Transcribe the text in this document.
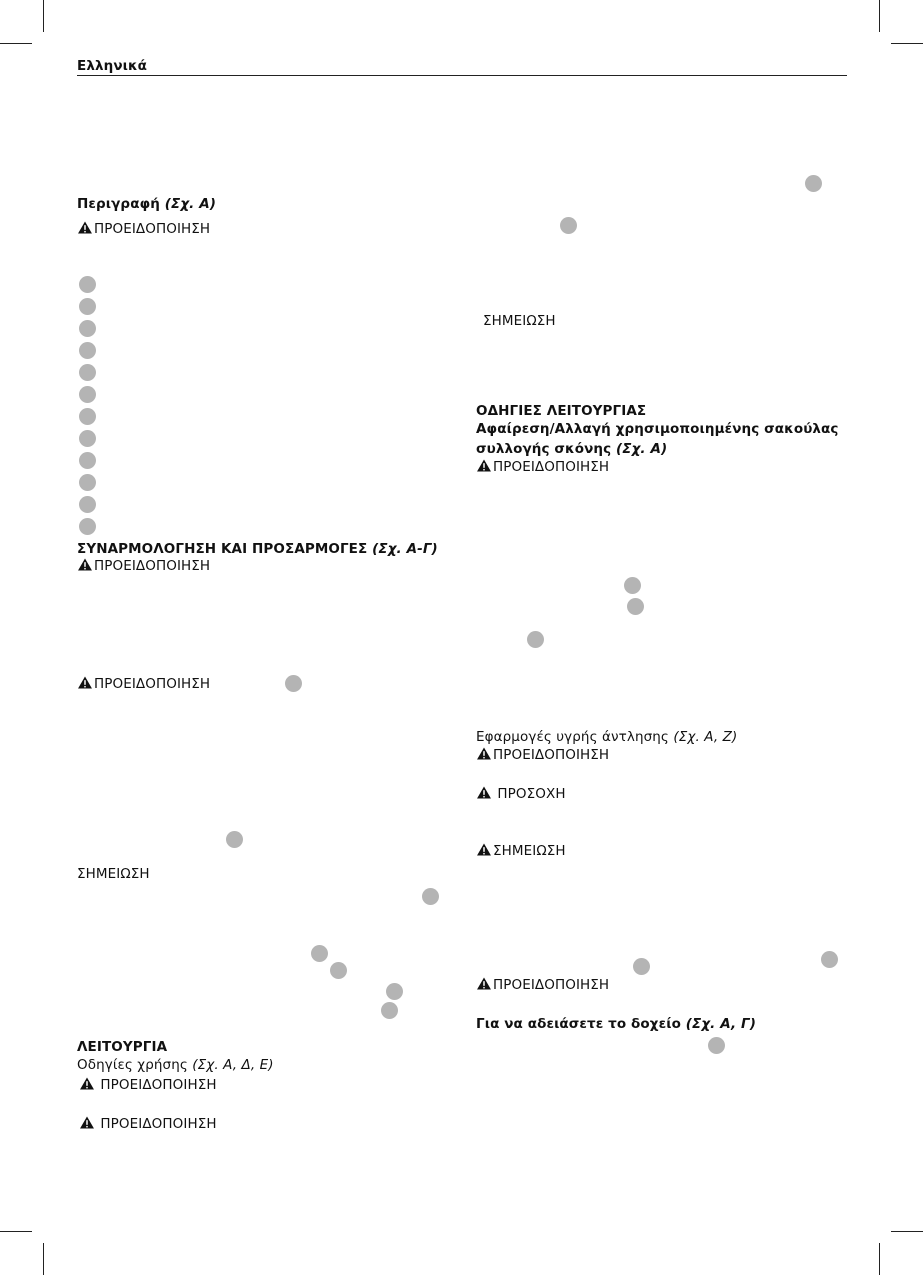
Ελληνικά
Περιγραφή (Σχ. A)
ΠΡΟΕΙΔΟΠΟΙΗΣΗ
ΣΥΝΑΡΜΟΛΟΓΗΣΗ ΚΑΙ ΠΡΟΣΑΡΜΟΓΕΣ (Σχ. A-Γ)
ΠΡΟΕΙΔΟΠΟΙΗΣΗ
ΠΡΟΕΙΔΟΠΟΙΗΣΗ
ΣΗΜΕΙΩΣΗ
ΛΕΙΤΟΥΡΓΙΑ
Οδηγίες χρήσης (Σχ. A, Δ, Ε)
ΠΡΟΕΙΔΟΠΟΙΗΣΗ
ΠΡΟΕΙΔΟΠΟΙΗΣΗ
ΣΗΜΕΙΩΣΗ
ΟΔΗΓΙΕΣ ΛΕΙΤΟΥΡΓΙΑΣ
Αφαίρεση/Αλλαγή χρησιμοποιημένης σακούλας
συλλογής σκόνης (Σχ. A)
ΠΡΟΕΙΔΟΠΟΙΗΣΗ
Εφαρμογές υγρής άντλησης (Σχ. A, Ζ)
ΠΡΟΕΙΔΟΠΟΙΗΣΗ
ΠΡΟΣΟΧΗ
ΣΗΜΕΙΩΣΗ
ΠΡΟΕΙΔΟΠΟΙΗΣΗ
Για να αδειάσετε το δοχείο (Σχ. A, Γ)
